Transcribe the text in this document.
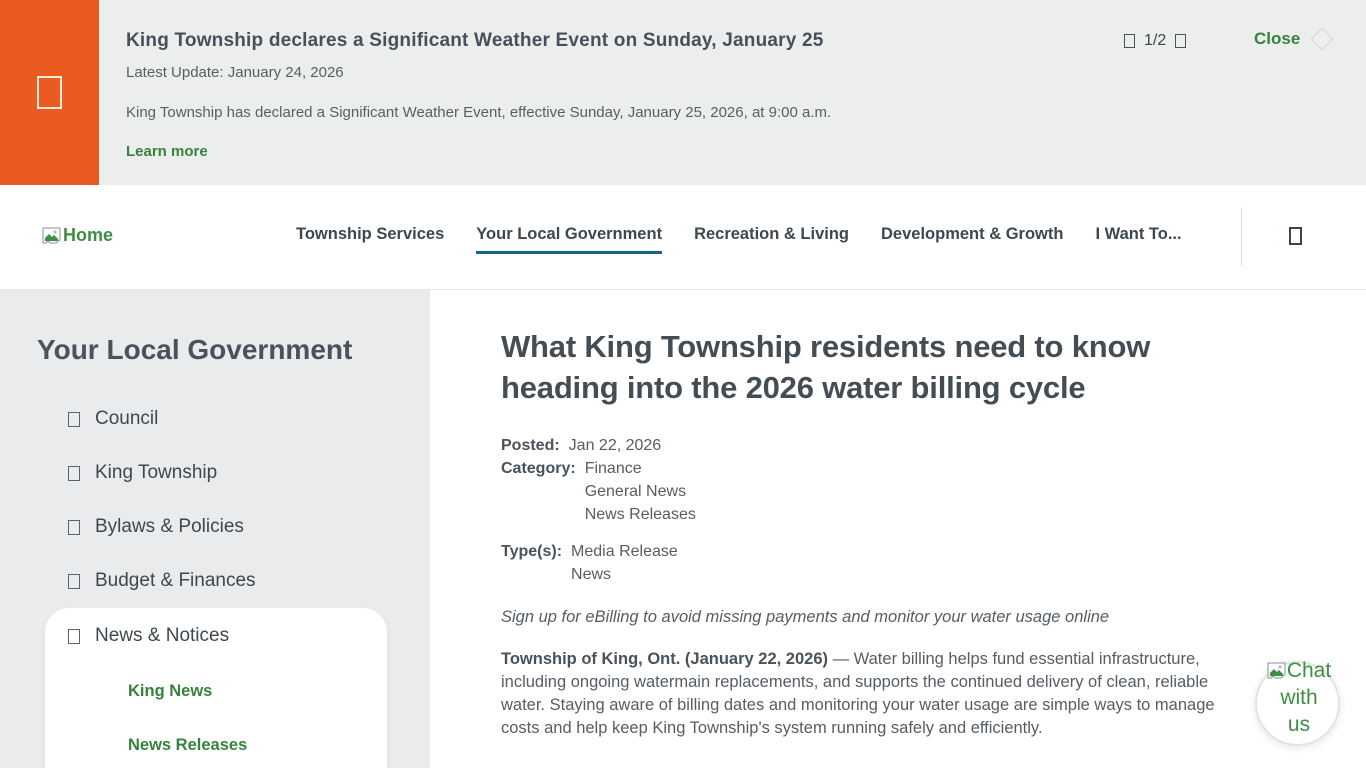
King Township declares a Significant Weather Event on Sunday, January 25
Latest Update: January 24, 2026
King Township has declared a Significant Weather Event, effective Sunday, January 25, 2026, at 9:00 a.m.
Learn more
1/2	Close
Home	Township Services Your Local Government Recreation & Living Development & Growth I Want To...
Your Local Government
Council
King Township
Bylaws & Policies
Budget & Finances
News & Notices
King News
News Releases
What King Township residents need to know heading into the 2026 water billing cycle
Posted: Jan 22, 2026
Category: Finance
General News
News Releases
Type(s): Media Release
News
Sign up for eBilling to avoid missing payments and monitor your water usage online

Township of King, Ont. (January 22, 2026) — Water billing helps fund essential infrastructure, including ongoing watermain replacements, and supports the continued delivery of clean, reliable water. Staying aware of billing dates and monitoring your water usage are simple ways to manage costs and help keep King Township's system running safely and efficiently.

Chat with us
